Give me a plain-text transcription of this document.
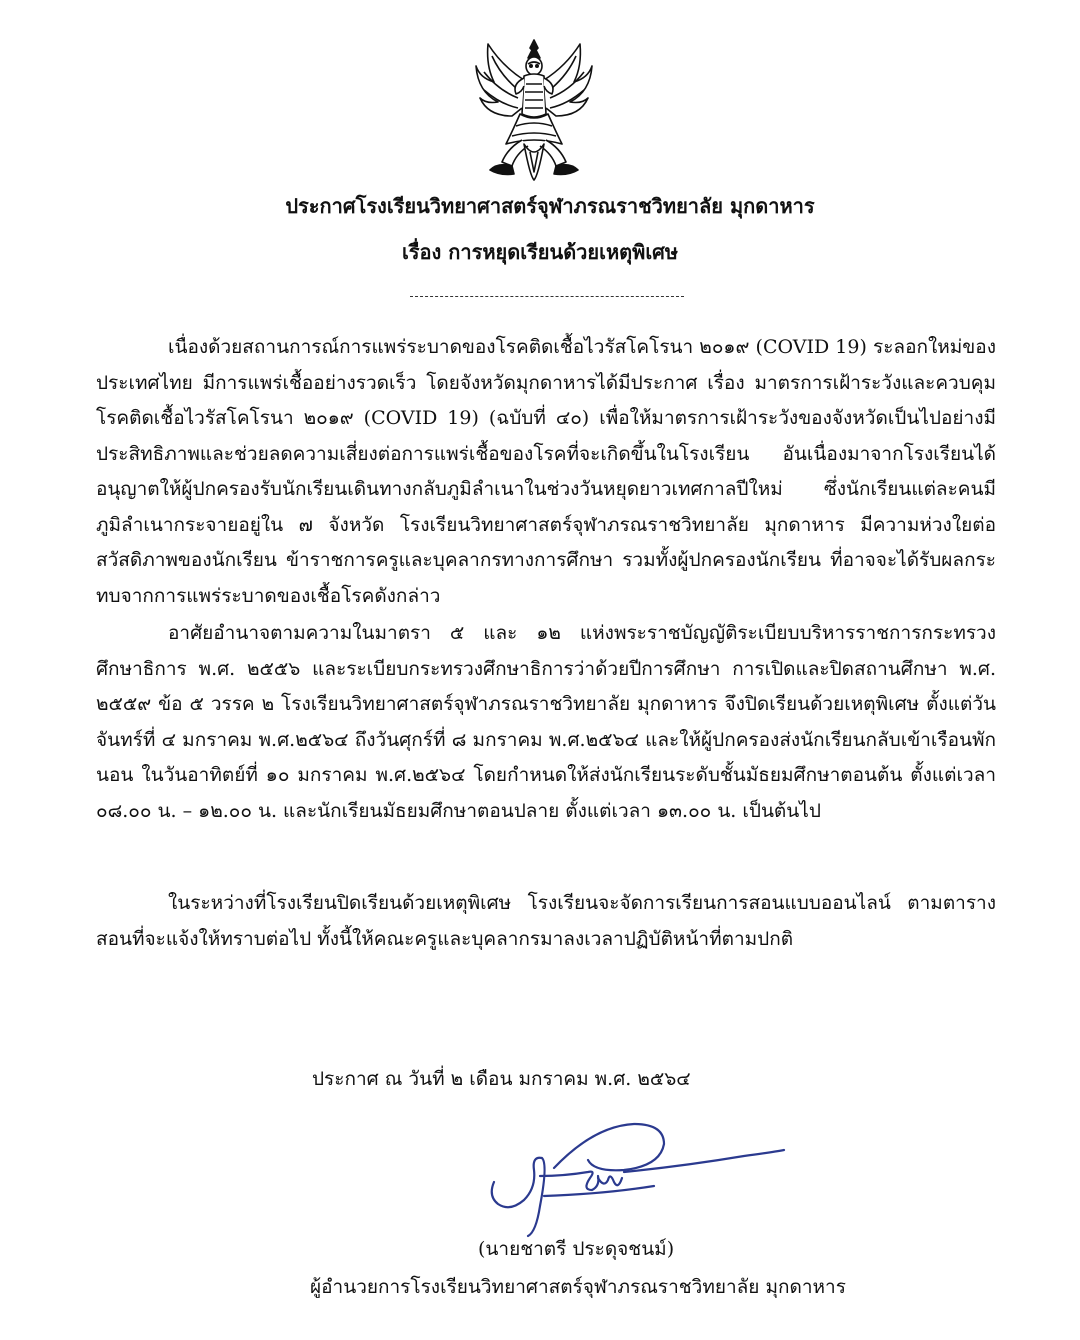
ประกาศโรงเรียนวิทยาศาสตร์จุฬาภรณราชวิทยาลัย มุกดาหาร
เรื่อง การหยุดเรียนด้วยเหตุพิเศษ

เนื่องด้วยสถานการณ์การแพร่ระบาดของโรคติดเชื้อไวรัสโคโรนา ๒๐๑๙ (COVID 19) ระลอกใหม่ของประเทศไทย มีการแพร่เชื้ออย่างรวดเร็ว โดยจังหวัดมุกดาหารได้มีประกาศ เรื่อง มาตรการเฝ้าระวังและควบคุมโรคติดเชื้อไวรัสโคโรนา ๒๐๑๙ (COVID 19) (ฉบับที่ ๔๐) เพื่อให้มาตรการเฝ้าระวังของจังหวัดเป็นไปอย่างมีประสิทธิภาพและช่วยลดความเสี่ยงต่อการแพร่เชื้อของโรคที่จะเกิดขึ้นในโรงเรียน อันเนื่องมาจากโรงเรียนได้อนุญาตให้ผู้ปกครองรับนักเรียนเดินทางกลับภูมิลำเนาในช่วงวันหยุดยาวเทศกาลปีใหม่ ซึ่งนักเรียนแต่ละคนมีภูมิลำเนากระจายอยู่ใน ๗ จังหวัด โรงเรียนวิทยาศาสตร์จุฬาภรณราชวิทยาลัย มุกดาหาร มีความห่วงใยต่อสวัสดิภาพของนักเรียน ข้าราชการครูและบุคลากรทางการศึกษา รวมทั้งผู้ปกครองนักเรียน ที่อาจจะได้รับผลกระทบจากการแพร่ระบาดของเชื้อโรคดังกล่าว

อาศัยอำนาจตามความในมาตรา ๕ และ ๑๒ แห่งพระราชบัญญัติระเบียบบริหารราชการกระทรวงศึกษาธิการ พ.ศ. ๒๕๕๖ และระเบียบกระทรวงศึกษาธิการว่าด้วยปีการศึกษา การเปิดและปิดสถานศึกษา พ.ศ. ๒๕๕๙ ข้อ ๕ วรรค ๒ โรงเรียนวิทยาศาสตร์จุฬาภรณราชวิทยาลัย มุกดาหาร จึงปิดเรียนด้วยเหตุพิเศษ ตั้งแต่วันจันทร์ที่ ๔ มกราคม พ.ศ.๒๕๖๔ ถึงวันศุกร์ที่ ๘ มกราคม พ.ศ.๒๕๖๔ และให้ผู้ปกครองส่งนักเรียนกลับเข้าเรือนพักนอน ในวันอาทิตย์ที่ ๑๐ มกราคม พ.ศ.๒๕๖๔ โดยกำหนดให้ส่งนักเรียนระดับชั้นมัธยมศึกษาตอนต้น ตั้งแต่เวลา ๐๘.๐๐ น. – ๑๒.๐๐ น. และนักเรียนมัธยมศึกษาตอนปลาย ตั้งแต่เวลา ๑๓.๐๐ น. เป็นต้นไป

ในระหว่างที่โรงเรียนปิดเรียนด้วยเหตุพิเศษ โรงเรียนจะจัดการเรียนการสอนแบบออนไลน์ ตามตารางสอนที่จะแจ้งให้ทราบต่อไป ทั้งนี้ให้คณะครูและบุคลากรมาลงเวลาปฏิบัติหน้าที่ตามปกติ

ประกาศ ณ วันที่ ๒ เดือน มกราคม พ.ศ. ๒๕๖๔
(นายชาตรี ประดุจชนม์)
ผู้อำนวยการโรงเรียนวิทยาศาสตร์จุฬาภรณราชวิทยาลัย มุกดาหาร
